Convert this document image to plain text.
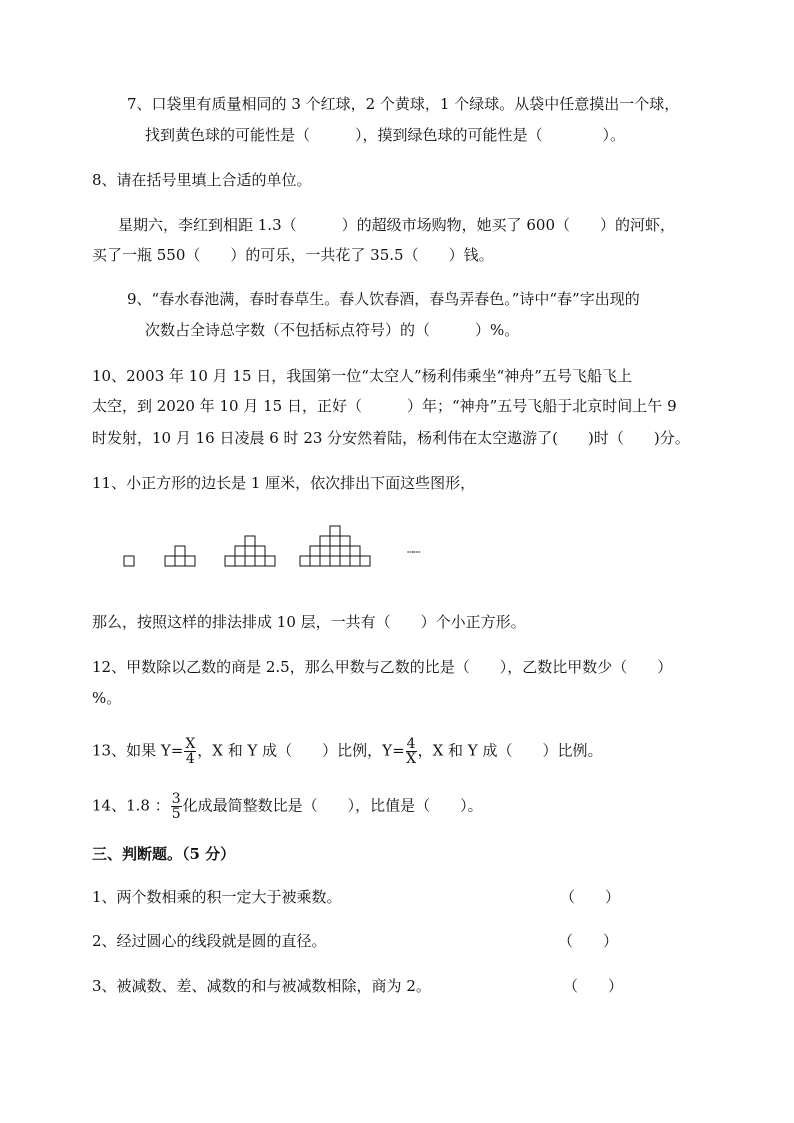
7、口袋里有质量相同的 3 个红球，2 个黄球，1 个绿球。从袋中任意摸出一个球，
找到黄色球的可能性是（　　　），摸到绿色球的可能性是（　　　　）。
8、请在括号里填上合适的单位。
星期六，李红到相距 1.3（　　　）的超级市场购物，她买了 600（　　）的河虾，
买了一瓶 550（　　）的可乐，一共花了 35.5（　　）钱。
9、“春水春池满，春时春草生。春人饮春酒，春鸟弄春色。”诗中“春”字出现的
次数占全诗总字数（不包括标点符号）的（　　　）%。
10、2003 年 10 月 15 日，我国第一位“太空人”杨利伟乘坐“神舟”五号飞船飞上
太空，到 2020 年 10 月 15 日，正好（　　　）年；“神舟”五号飞船于北京时间上午 9
时发射，10 月 16 日凌晨 6 时 23 分安然着陆，杨利伟在太空遨游了(　　)时（　　)分。
11、小正方形的边长是 1 厘米，依次排出下面这些图形，
┄┄
那么，按照这样的排法排成 10 层，一共有（　　）个小正方形。
12、甲数除以乙数的商是 2.5，那么甲数与乙数的比是（　　），乙数比甲数少（　　）
%。
13、如果 $Y= \frac{X}{4}$ ，X 和 Y 成（　　）比例，$Y= \frac{4}{X}$ ，X 和 Y 成（　　）比例。
14、1.8 ： $\frac{3}{5}$ 化成最简整数比是（　　），比值是（　　）。
三、判断题。（5 分）
1、两个数相乘的积一定大于被乘数。	（　　）
2、经过圆心的线段就是圆的直径。	（　　）
3、被减数、差、减数的和与被减数相除，商为 2。	（　　）
